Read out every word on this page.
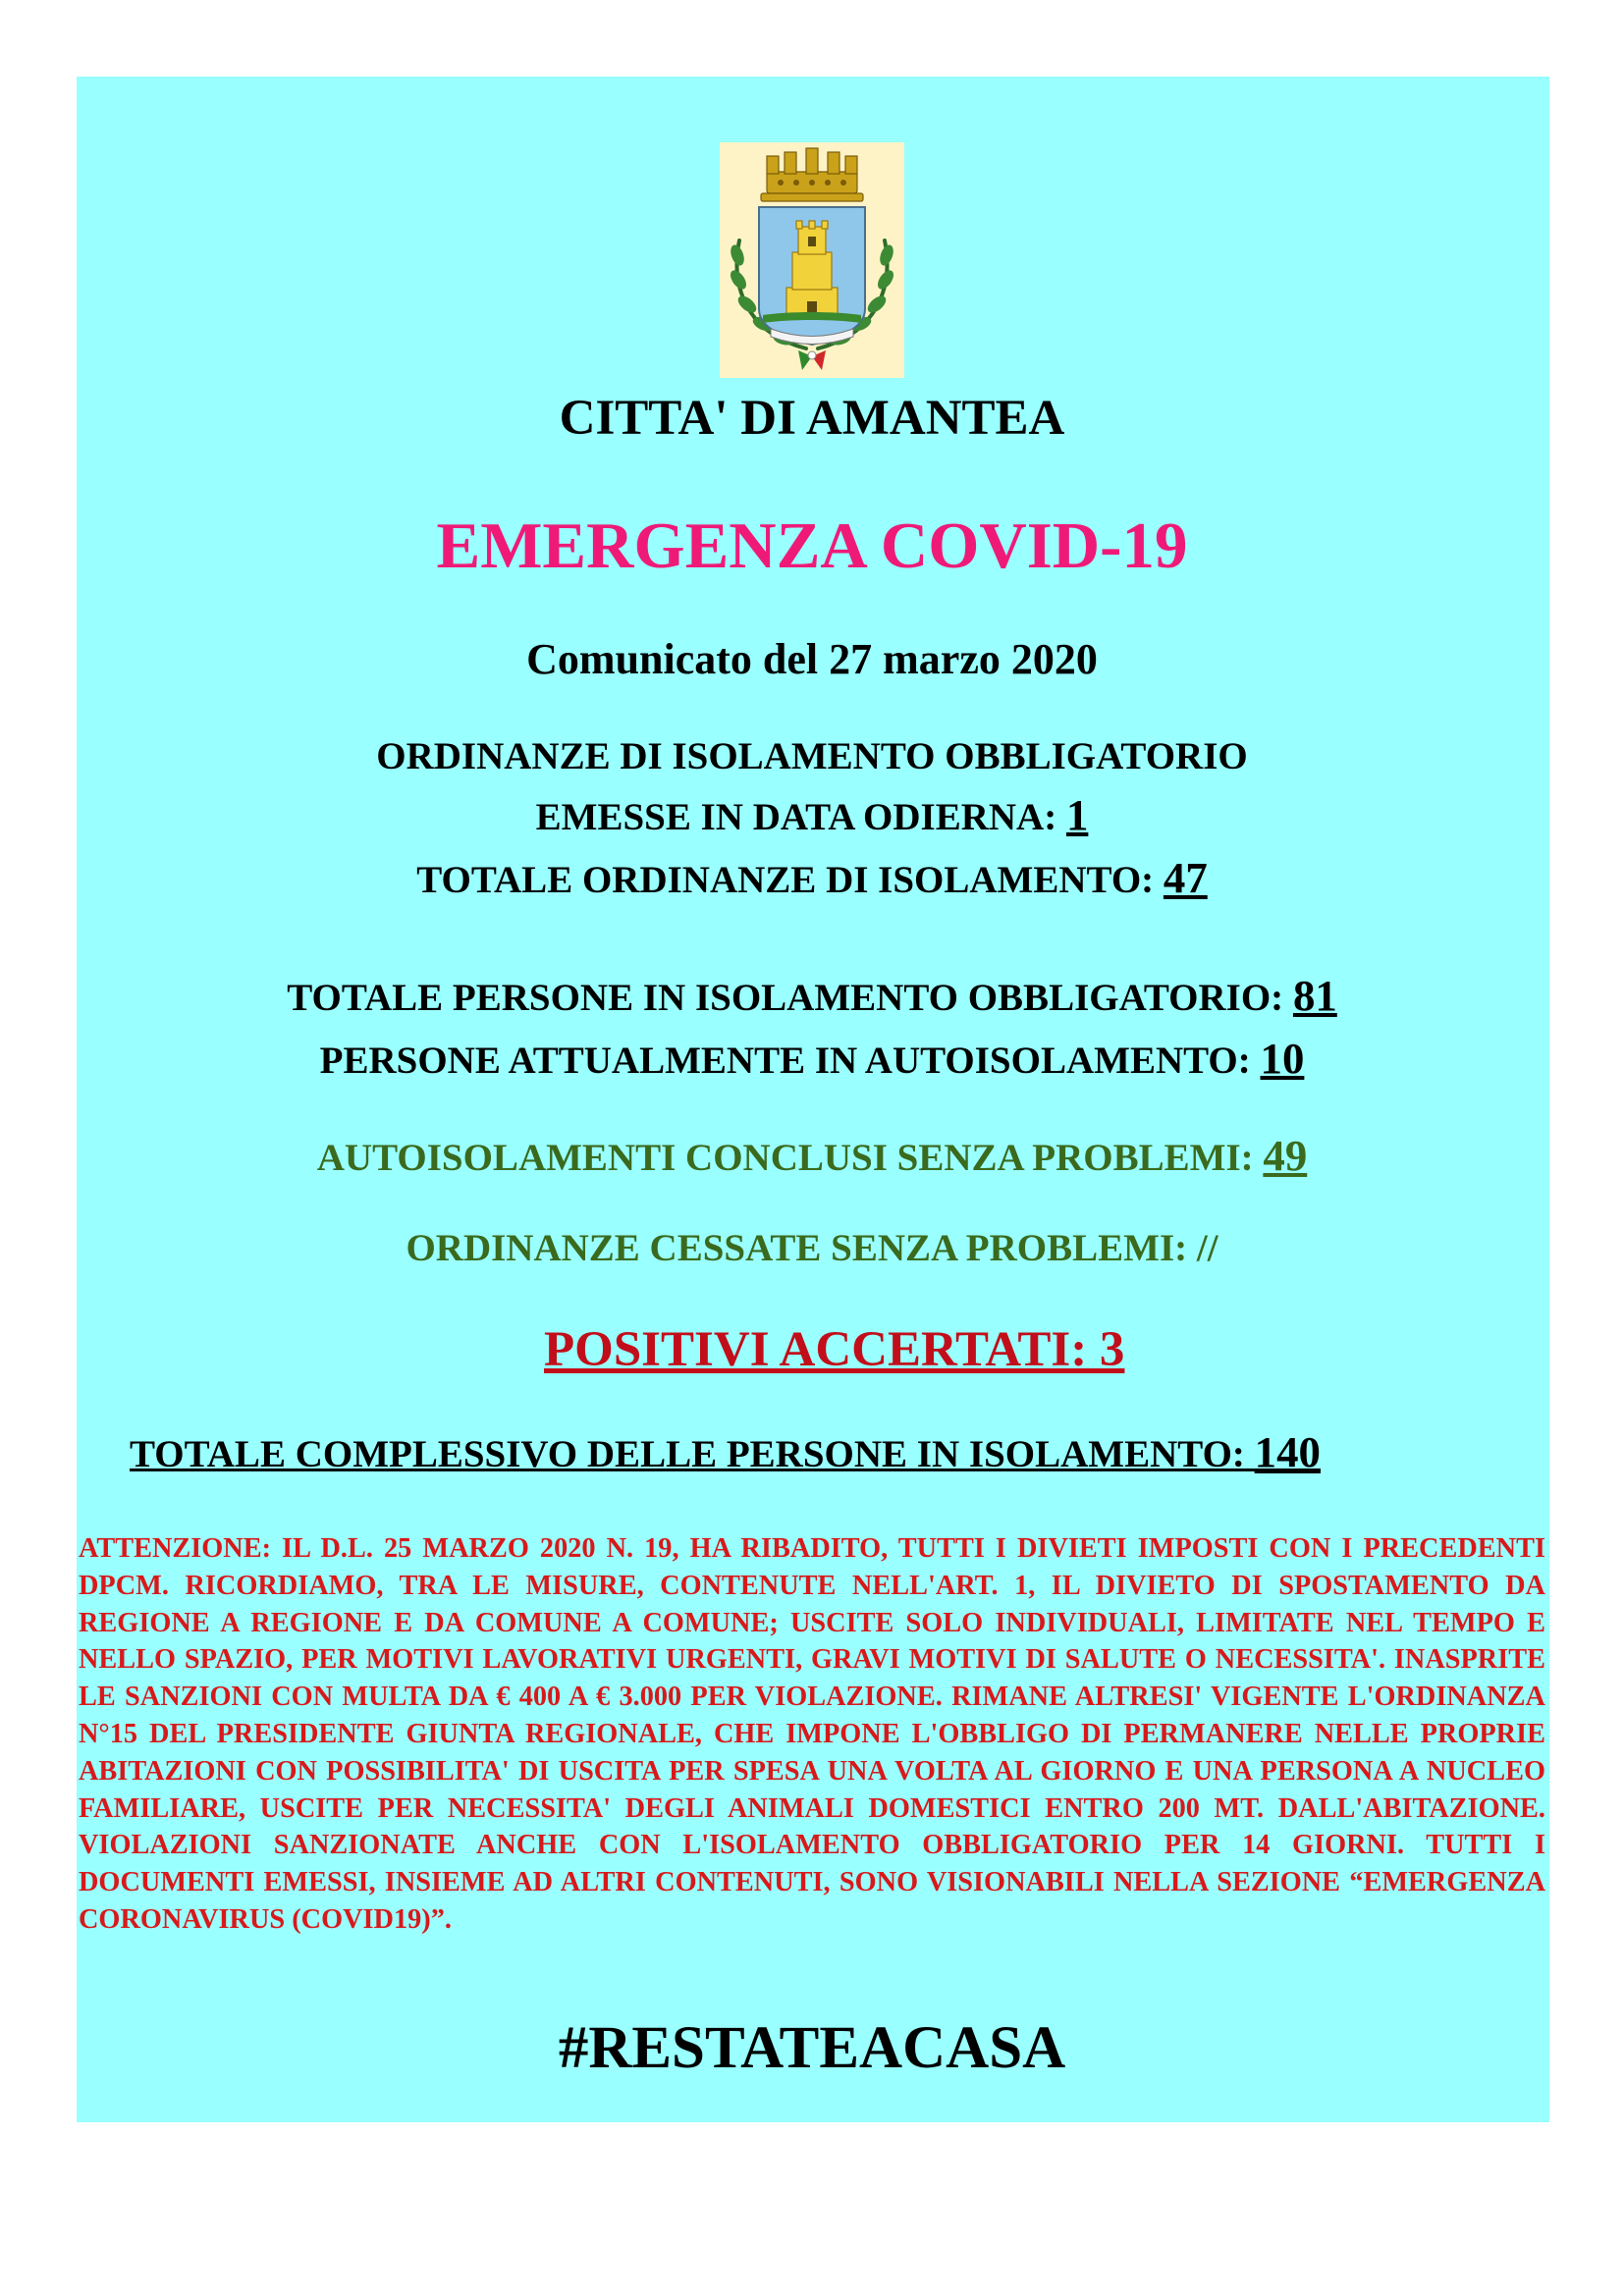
CITTA' DI AMANTEA
EMERGENZA COVID-19
Comunicato del 27 marzo 2020
ORDINANZE DI ISOLAMENTO OBBLIGATORIO
EMESSE IN DATA ODIERNA: 1
TOTALE ORDINANZE DI ISOLAMENTO: 47
TOTALE PERSONE IN ISOLAMENTO OBBLIGATORIO: 81
PERSONE ATTUALMENTE IN AUTOISOLAMENTO: 10
AUTOISOLAMENTI CONCLUSI SENZA PROBLEMI: 49
ORDINANZE CESSATE SENZA PROBLEMI: //
POSITIVI ACCERTATI: 3
TOTALE COMPLESSIVO DELLE PERSONE IN ISOLAMENTO: 140

ATTENZIONE: IL D.L. 25 MARZO 2020 N. 19, HA RIBADITO, TUTTI I DIVIETI IMPOSTI CON I PRECEDENTI DPCM. RICORDIAMO, TRA LE MISURE, CONTENUTE NELL'ART. 1, IL DIVIETO DI SPOSTAMENTO DA REGIONE A REGIONE E DA COMUNE A COMUNE; USCITE SOLO INDIVIDUALI, LIMITATE NEL TEMPO E NELLO SPAZIO, PER MOTIVI LAVORATIVI URGENTI, GRAVI MOTIVI DI SALUTE O NECESSITA'. INASPRITE LE SANZIONI CON MULTA DA € 400 A € 3.000 PER VIOLAZIONE. RIMANE ALTRESI' VIGENTE L'ORDINANZA N°15 DEL PRESIDENTE GIUNTA REGIONALE, CHE IMPONE L'OBBLIGO DI PERMANERE NELLE PROPRIE ABITAZIONI CON POSSIBILITA' DI USCITA PER SPESA UNA VOLTA AL GIORNO E UNA PERSONA A NUCLEO FAMILIARE, USCITE PER NECESSITA' DEGLI ANIMALI DOMESTICI ENTRO 200 MT. DALL'ABITAZIONE. VIOLAZIONI SANZIONATE ANCHE CON L'ISOLAMENTO OBBLIGATORIO PER 14 GIORNI. TUTTI I DOCUMENTI EMESSI, INSIEME AD ALTRI CONTENUTI, SONO VISIONABILI NELLA SEZIONE “EMERGENZA CORONAVIRUS (COVID19)”.

#RESTATEACASA
